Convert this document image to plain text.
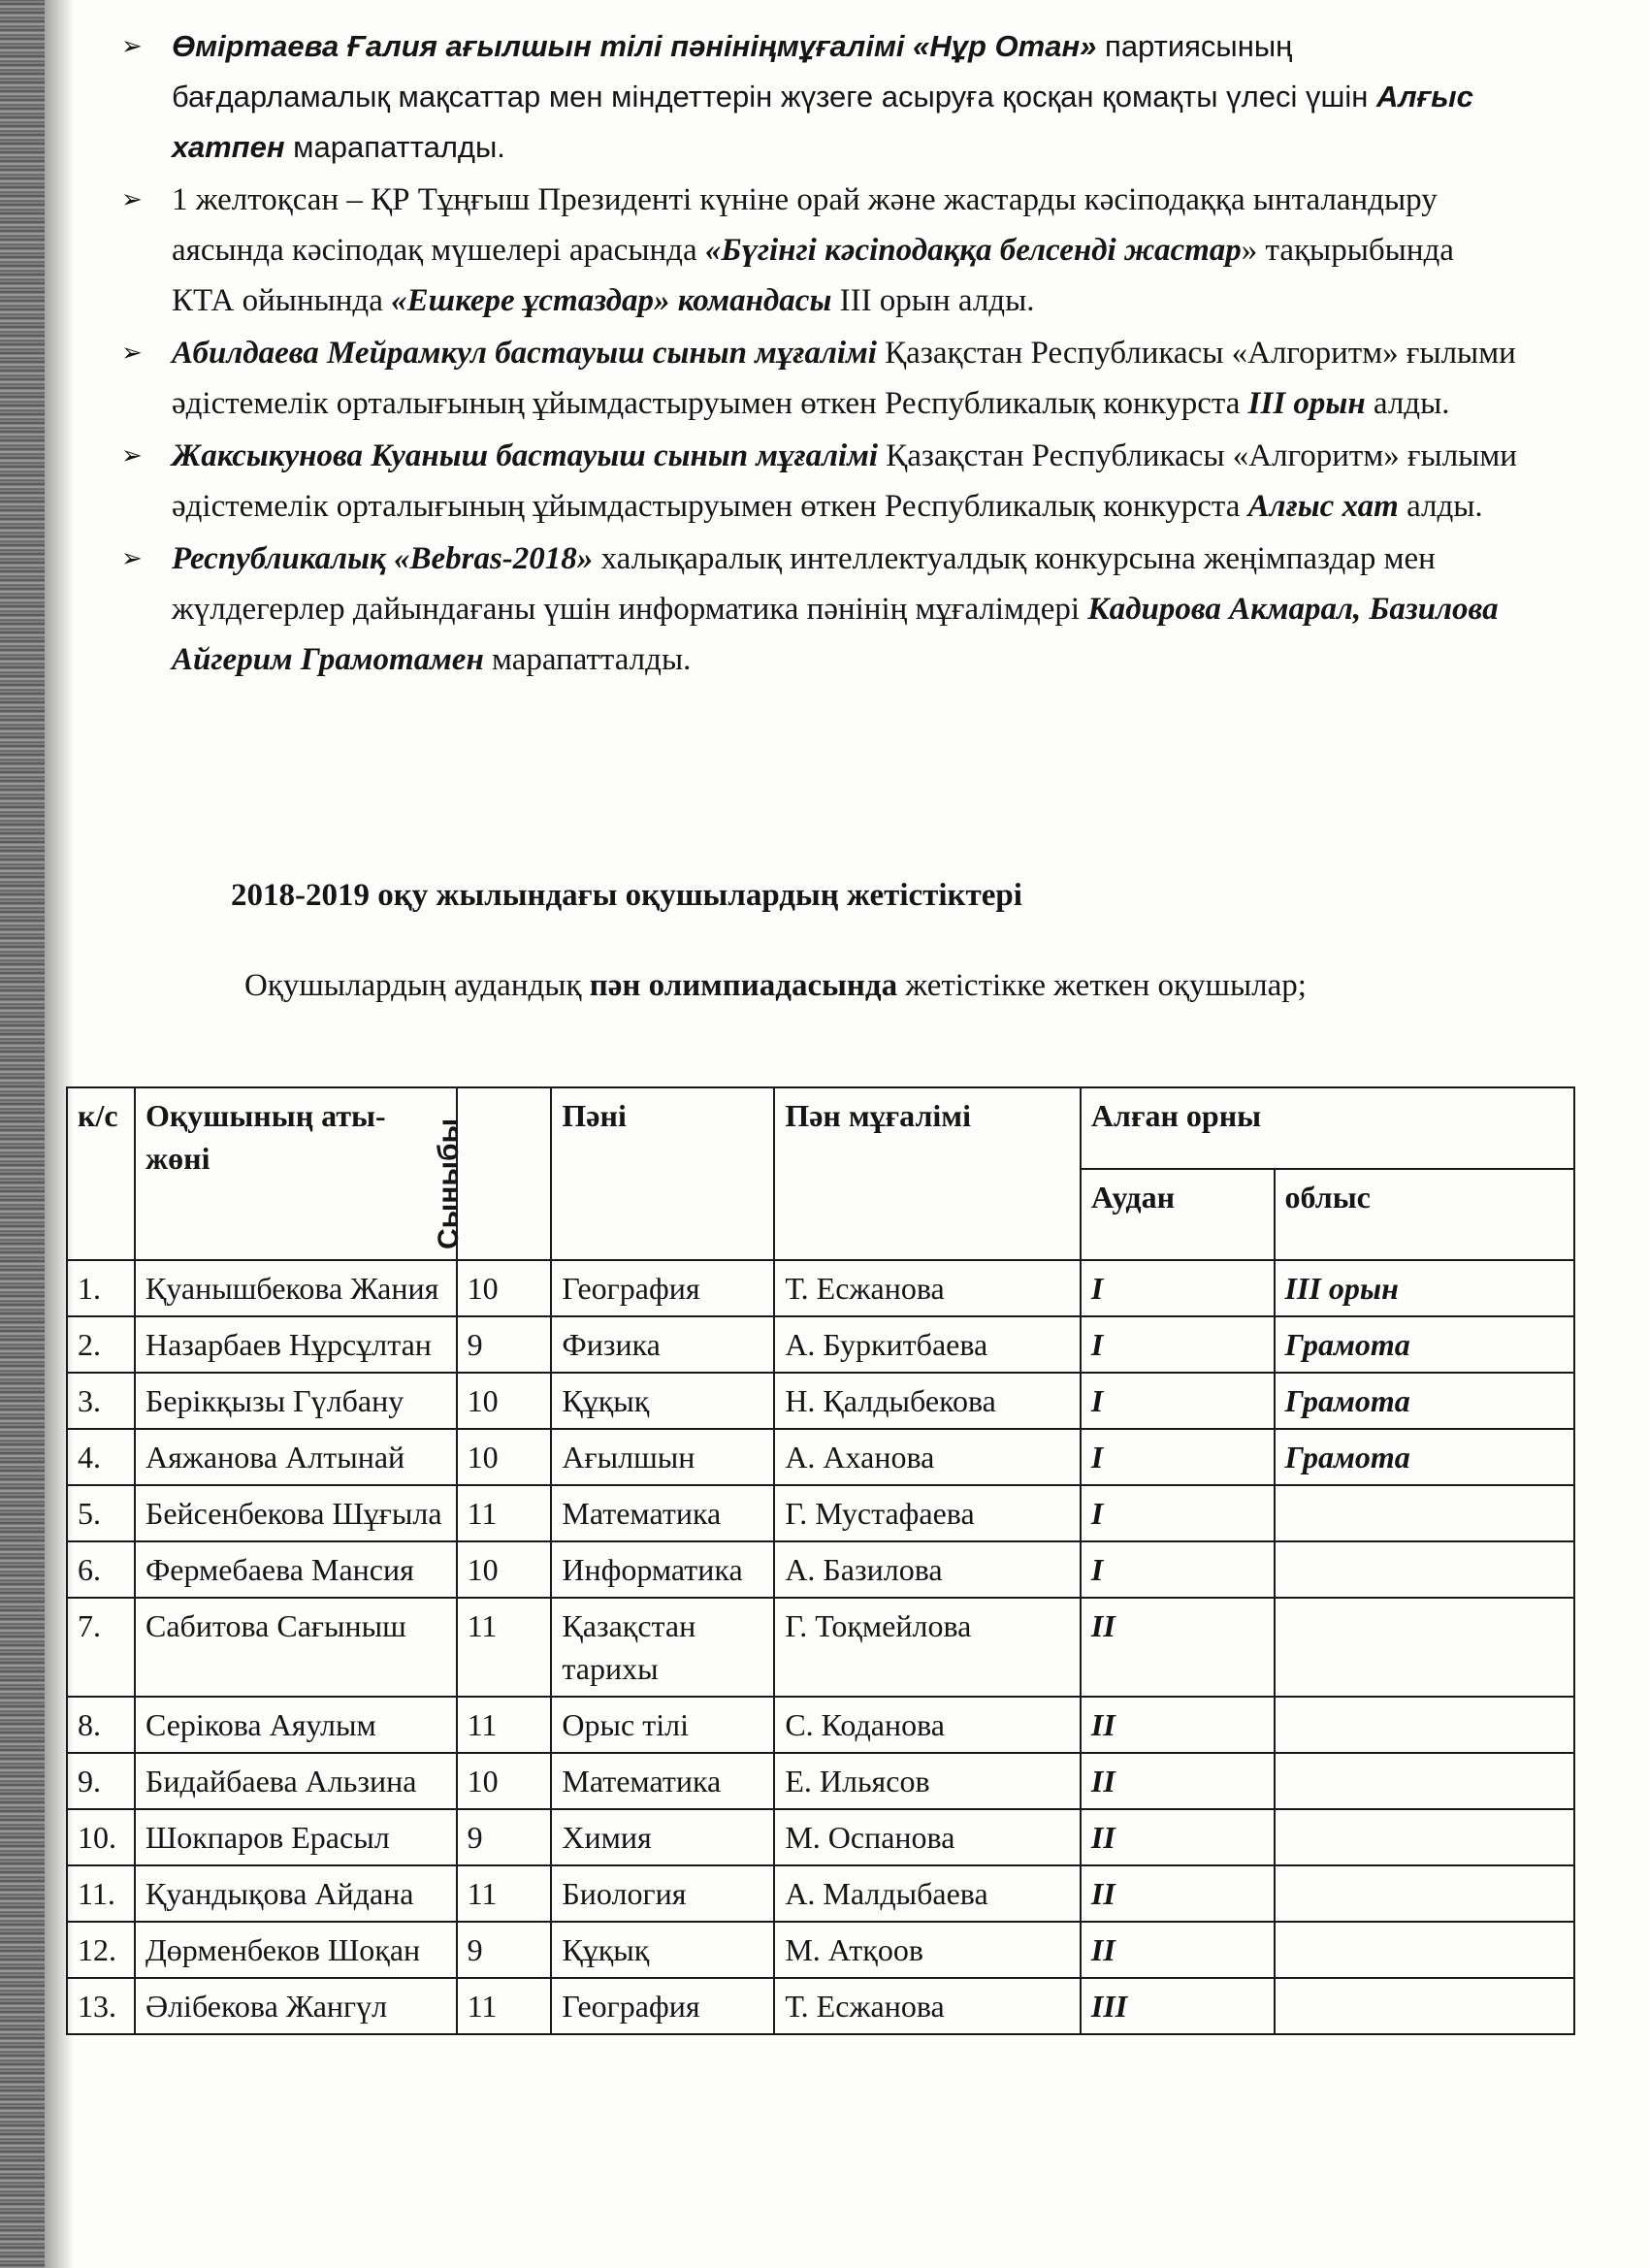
➢ Өміртаева Ғалия ағылшын тілі пәнініңмұғалімі «Нұр Отан» партиясының бағдарламалық мақсаттар мен міндеттерін жүзеге асыруға қосқан қомақты үлесі үшін Алғыс хатпен марапатталды.
➢ 1 желтоқсан – ҚР Тұңғыш Президенті күніне орай және жастарды кәсіподаққа ынталандыру аясында кәсіподақ мүшелері арасында «Бүгінгі кәсіподаққа белсенді жастар» тақырыбында КТА ойынында «Ешкере ұстаздар» командасы ІІІ орын алды.
➢ Абилдаева Мейрамкул бастауыш сынып мұғалімі Қазақстан Республикасы «Алгоритм» ғылыми әдістемелік орталығының ұйымдастыруымен өткен Республикалық конкурста ІІІ орын алды.
➢ Жаксыкунова Куаныш бастауыш сынып мұғалімі Қазақстан Республикасы «Алгоритм» ғылыми әдістемелік орталығының ұйымдастыруымен өткен Республикалық конкурста Алғыс хат алды.
➢ Республикалық «Bebras-2018» халықаралық интеллектуалдық конкурсына жеңімпаздар мен жүлдегерлер дайындағаны үшін информатика пәнінің мұғалімдері Кадирова Акмарал, Базилова Айгерим Грамотамен марапатталды.
2018-2019 оқу жылындағы оқушылардың жетістіктері
Оқушылардың аудандық пән олимпиадасында жетістікке жеткен оқушылар;
к/с	Оқушының аты- жөні	Сыныбы	Пәні	Пән мұғалімі	Алған орны	
					Аудан	облыс
1.	Қуанышбекова Жания	10	География	Т. Есжанова	I	ІІІ орын
2.	Назарбаев Нұрсұлтан	9	Физика	А. Буркитбаева	I	Грамота
3.	Берікқызы Гүлбану	10	Құқық	Н. Қалдыбекова	I	Грамота
4.	Аяжанова Алтынай	10	Ағылшын	А. Аханова	I	Грамота
5.	Бейсенбекова Шұғыла	11	Математика	Г. Мустафаева	I	
6.	Фермебаева Мансия	10	Информатика	А. Базилова	I	
7.	Сабитова Сағыныш	11	Қазақстан тарихы	Г. Тоқмейлова	II	
8.	Серікова Аяулым	11	Орыс тілі	С. Коданова	II	
9.	Бидайбаева Альзина	10	Математика	Е. Ильясов	II	
10.	Шокпаров Ерасыл	9	Химия	М. Оспанова	II	
11.	Қуандықова Айдана	11	Биология	А. Малдыбаева	II	
12.	Дөрменбеков Шоқан	9	Құқық	М. Атқоов	II	
13.	Әлібекова Жангүл	11	География	Т. Есжанова	III	
